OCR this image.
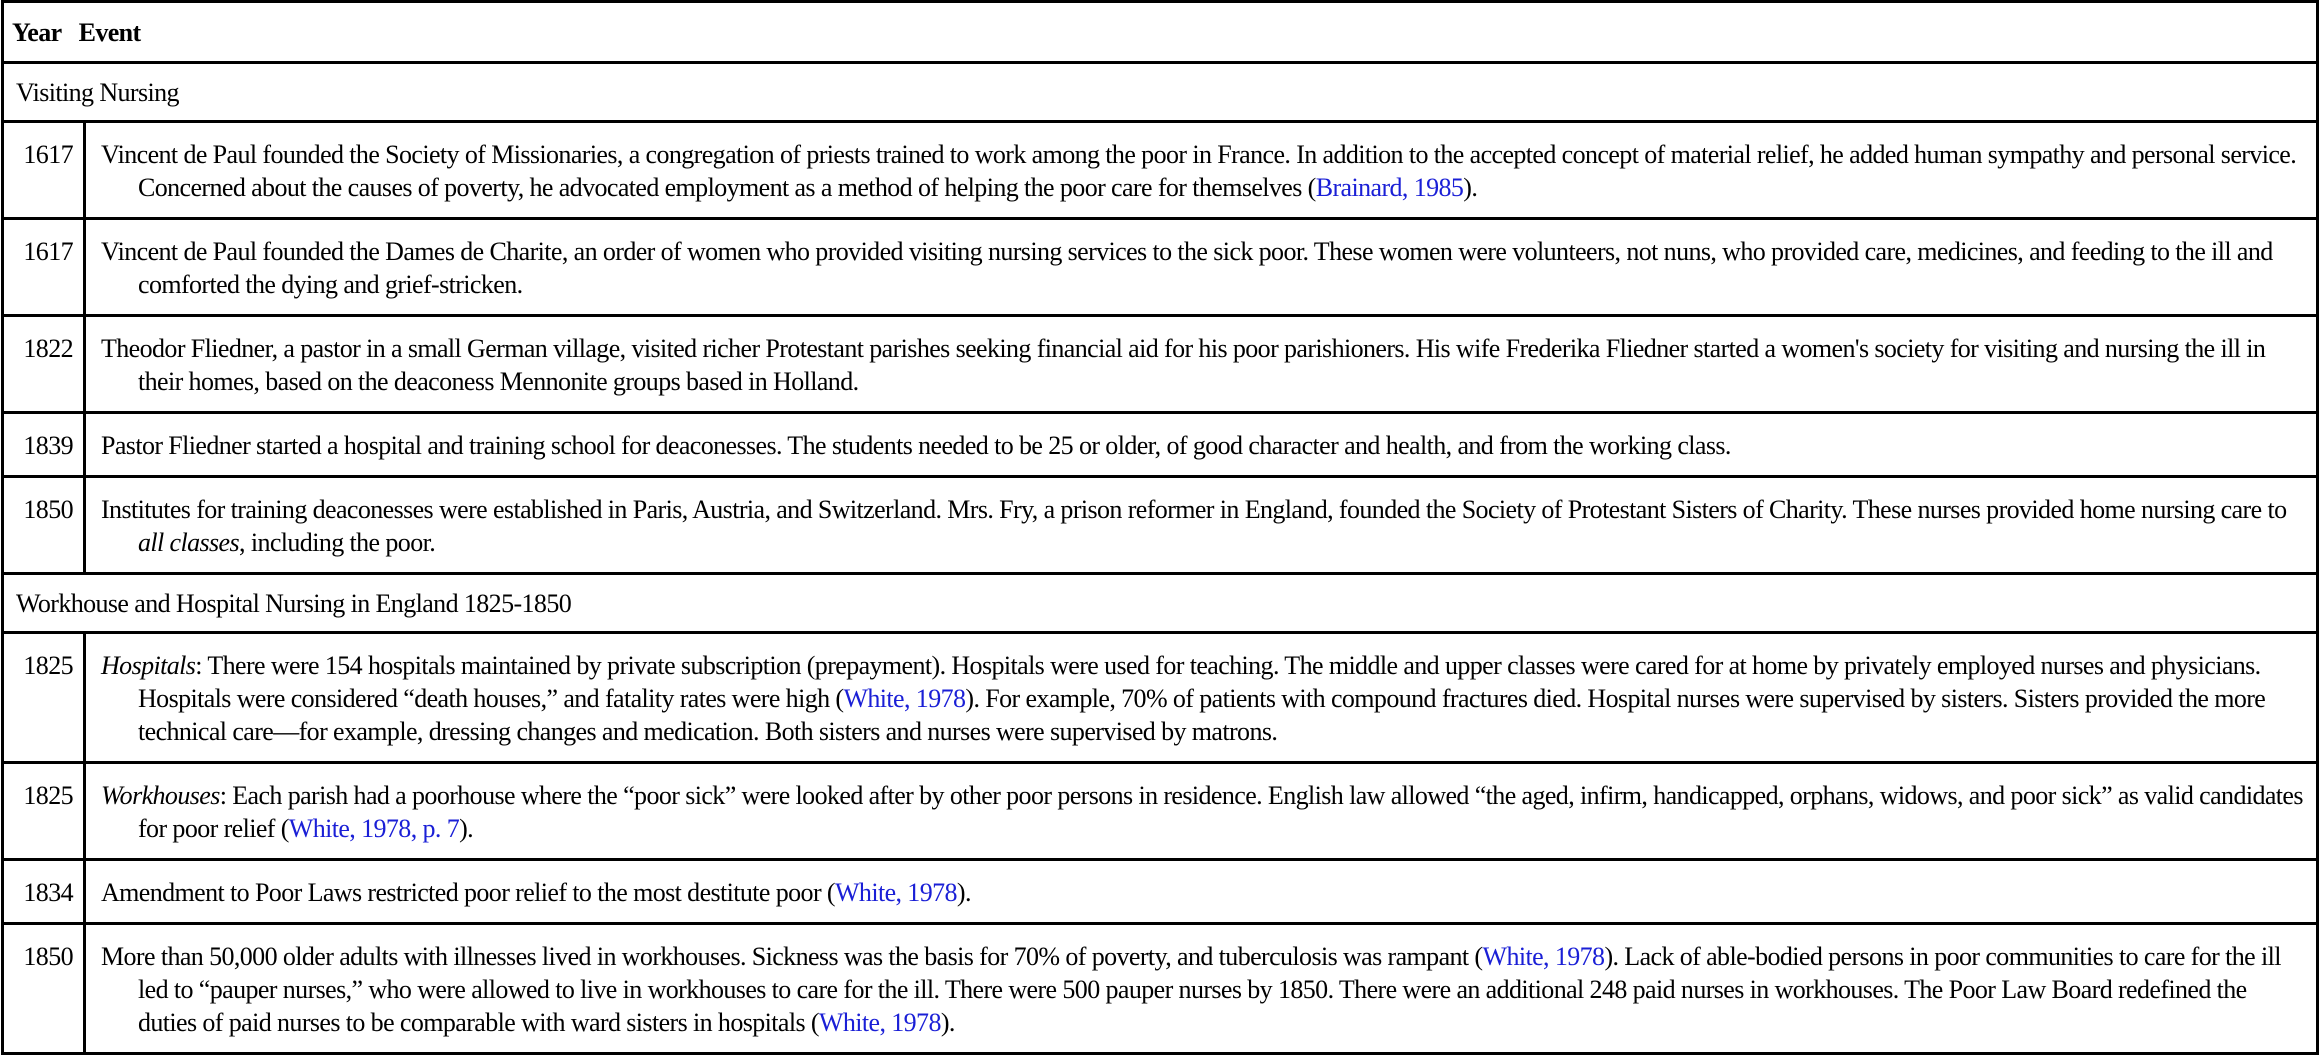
Year Event	
Visiting Nursing	
1617	Vincent de Paul founded the Society of Missionaries, a congregation of priests trained to work among the poor in France. In addition to the accepted concept of material relief, he added human sympathy and personal service. Concerned about the causes of poverty, he advocated employment as a method of helping the poor care for themselves (Brainard, 1985).

1617	Vincent de Paul founded the Dames de Charite, an order of women who provided visiting nursing services to the sick poor. These women were volunteers, not nuns, who provided care, medicines, and feeding to the ill and comforted the dying and grief-stricken.

1822	Theodor Fliedner, a pastor in a small German village, visited richer Protestant parishes seeking financial aid for his poor parishioners. His wife Frederika Fliedner started a women's society for visiting and nursing the ill in their homes, based on the deaconess Mennonite groups based in Holland.

1839	Pastor Fliedner started a hospital and training school for deaconesses. The students needed to be 25 or older, of good character and health, and from the working class.

1850	Institutes for training deaconesses were established in Paris, Austria, and Switzerland. Mrs. Fry, a prison reformer in England, founded the Society of Protestant Sisters of Charity. These nurses provided home nursing care to all classes, including the poor.

Workhouse and Hospital Nursing in England 1825-1850	
1825	Hospitals: There were 154 hospitals maintained by private subscription (prepayment). Hospitals were used for teaching. The middle and upper classes were cared for at home by privately employed nurses and physicians. Hospitals were considered “death houses,” and fatality rates were high (White, 1978). For example, 70% of patients with compound fractures died. Hospital nurses were supervised by sisters. Sisters provided the more technical care—for example, dressing changes and medication. Both sisters and nurses were supervised by matrons.

1825	Workhouses: Each parish had a poorhouse where the “poor sick” were looked after by other poor persons in residence. English law allowed “the aged, infirm, handicapped, orphans, widows, and poor sick” as valid candidates for poor relief (White, 1978, p. 7).

1834	Amendment to Poor Laws restricted poor relief to the most destitute poor (White, 1978).

1850	More than 50,000 older adults with illnesses lived in workhouses. Sickness was the basis for 70% of poverty, and tuberculosis was rampant (White, 1978). Lack of able-bodied persons in poor communities to care for the ill led to “pauper nurses,” who were allowed to live in workhouses to care for the ill. There were 500 pauper nurses by 1850. There were an additional 248 paid nurses in workhouses. The Poor Law Board redefined the duties of paid nurses to be comparable with ward sisters in hospitals (White, 1978).
